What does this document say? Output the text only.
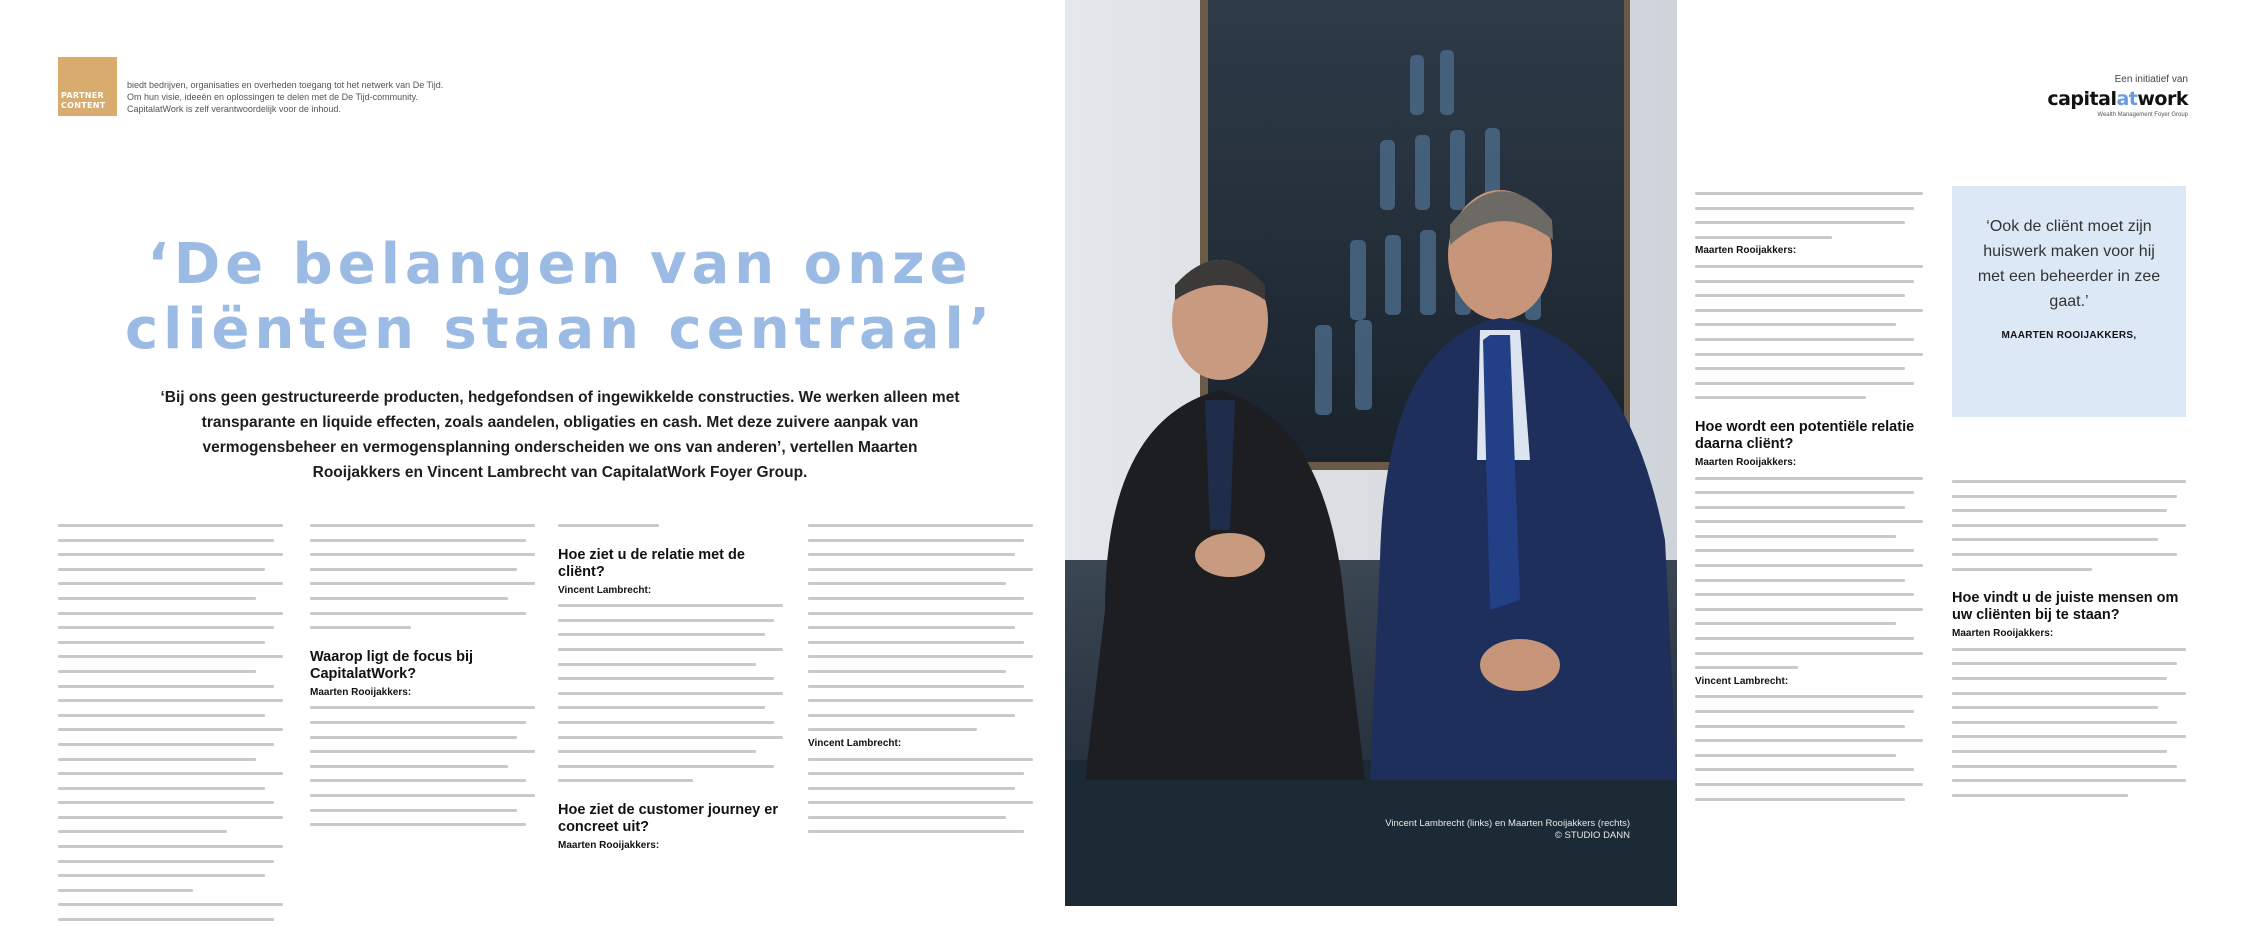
PARTNER
CONTENT
biedt bedrijven, organisaties en overheden toegang tot het netwerk van De Tijd. Om hun visie, ideeën en oplossingen te delen met de De Tijd-community. CapitalatWork is zelf verantwoordelijk voor de inhoud.
‘De belangen van onze
cliënten staan centraal’
‘Bij ons geen gestructureerde producten, hedgefondsen of ingewikkelde constructies. We werken alleen met transparante en liquide effecten, zoals aandelen, obligaties en cash. Met deze zuivere aanpak van vermogensbeheer en vermogensplanning onderscheiden we ons van anderen’, vertellen Maarten Rooijakkers en Vincent Lambrecht van CapitalatWork Foyer Group.
Waarop ligt de focus bij CapitalatWork?
Maarten Rooijakkers:
Hoe ziet u de relatie met de cliënt?
Vincent Lambrecht:
Hoe ziet de customer journey er concreet uit?
Maarten Rooijakkers:
Vincent Lambrecht:
Vincent Lambrecht (links) en Maarten Rooijakkers (rechts)
© STUDIO DANN
Een initiatief van
capitalatwork
Wealth Management Foyer Group
Maarten Rooijakkers:
Hoe wordt een potentiële relatie daarna cliënt?
Maarten Rooijakkers:
Vincent Lambrecht:
‘Ook de cliënt moet zijn huiswerk maken voor hij met een beheerder in zee gaat.’
MAARTEN ROOIJAKKERS,
Hoe vindt u de juiste mensen om uw cliënten bij te staan?
Maarten Rooijakkers:
